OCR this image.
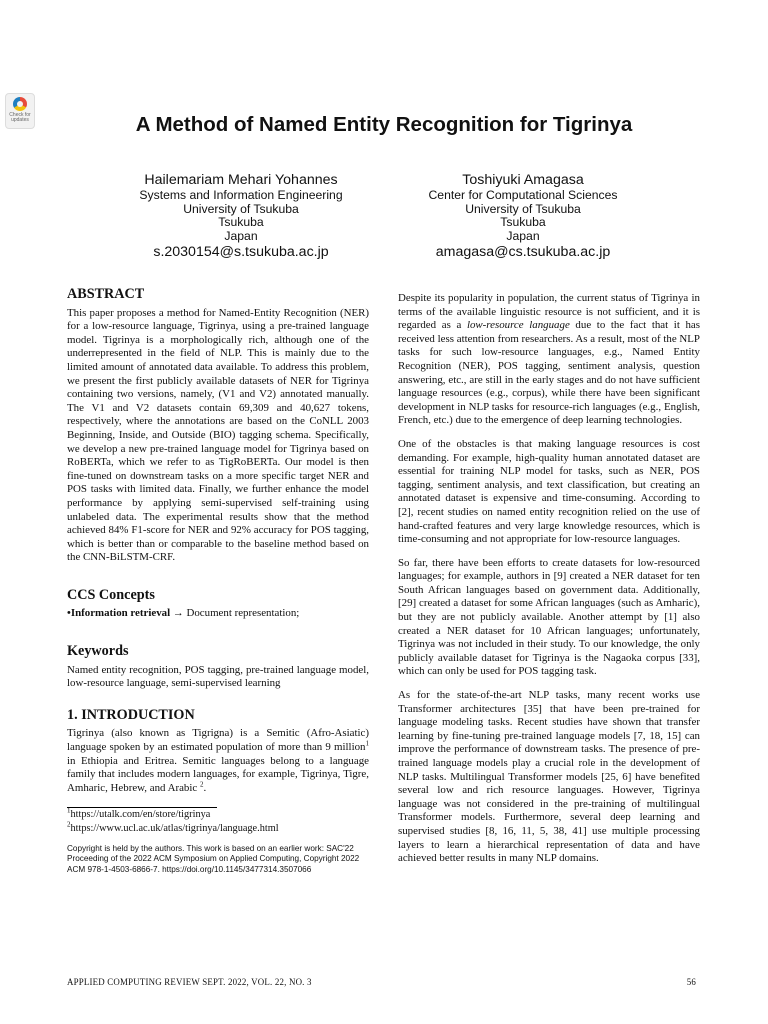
Check for
updates	A Method of Named Entity Recognition for Tigrinya
Hailemariam Mehari Yohannes
Systems and Information Engineering
University of Tsukuba
Tsukuba
Japan
s.2030154@s.tsukuba.ac.jp
Toshiyuki Amagasa
Center for Computational Sciences
University of Tsukuba
Tsukuba
Japan
amagasa@cs.tsukuba.ac.jp
ABSTRACT

This paper proposes a method for Named-Entity Recognition (NER) for a low-resource language, Tigrinya, using a pre-trained language model. Tigrinya is a morphologically rich, although one of the underrepresented in the field of NLP. This is mainly due to the limited amount of annotated data available. To address this problem, we present the first publicly available datasets of NER for Tigrinya containing two versions, namely, (V1 and V2) annotated manually. The V1 and V2 datasets contain 69,309 and 40,627 tokens, respectively, where the annotations are based on the CoNLL 2003 Beginning, Inside, and Outside (BIO) tagging schema. Specifically, we develop a new pre-trained language model for Tigrinya based on RoBERTa, which we refer to as TigRoBERTa. Our model is then fine-tuned on downstream tasks on a more specific target NER and POS tasks with limited data. Finally, we further enhance the model performance by applying semi-supervised self-training using unlabeled data. The experimental results show that the method achieved 84% F1-score for NER and 92% accuracy for POS tagging, which is better than or comparable to the baseline method based on the CNN-BiLSTM-CRF.

CCS Concepts
•Information retrieval → Document representation;
Keywords

Named entity recognition, POS tagging, pre-trained language model, low-resource language, semi-supervised learning

1. INTRODUCTION

Tigrinya (also known as Tigrigna) is a Semitic (Afro-Asiatic) language spoken by an estimated population of more than 9 million$^1$ in Ethiopia and Eritrea. Semitic languages belong to a language family that includes modern languages, for example, Tigrinya, Tigre, Amharic, Hebrew, and Arabic $^2$.

$^1$https://utalk.com/en/store/tigrinya
$^2$https://www.ucl.ac.uk/atlas/tigrinya/language.html
Copyright is held by the authors. This work is based on an earlier work: SAC'22 Proceeding of the 2022 ACM Symposium on Applied Computing, Copyright 2022 ACM 978-1-4503-6866-7. https://doi.org/10.1145/3477314.3507066

Despite its popularity in population, the current status of Tigrinya in terms of the available linguistic resource is not sufficient, and it is regarded as a low-resource language due to the fact that it has received less attention from researchers. As a result, most of the NLP tasks for such low-resource languages, e.g., Named Entity Recognition (NER), POS tagging, sentiment analysis, question answering, etc., are still in the early stages and do not have sufficient language resources (e.g., corpus), while there have been significant development in NLP tasks for resource-rich languages (e.g., English, French, etc.) due to the emergence of deep learning technologies.

One of the obstacles is that making language resources is cost demanding. For example, high-quality human annotated dataset are essential for training NLP model for tasks, such as NER, POS tagging, sentiment analysis, and text classification, but creating an annotated dataset is expensive and time-consuming. According to [2], recent studies on named entity recognition relied on the use of hand-crafted features and very large knowledge resources, which is time-consuming and not appropriate for low-resource languages.

So far, there have been efforts to create datasets for low-resourced languages; for example, authors in [9] created a NER dataset for ten South African languages based on government data. Additionally, [29] created a dataset for some African languages (such as Amharic), but they are not publicly available. Another attempt by [1] also created a NER dataset for 10 African languages; unfortunately, Tigrinya was not included in their study. To our knowledge, the only publicly available dataset for Tigrinya is the Nagaoka corpus [33], which can only be used for POS tagging task.

As for the state-of-the-art NLP tasks, many recent works use Transformer architectures [35] that have been pre-trained for language modeling tasks. Recent studies have shown that transfer learning by fine-tuning pre-trained language models [7, 18, 15] can improve the performance of downstream tasks. The presence of pre-trained language models play a crucial role in the development of NLP tasks. Multilingual Transformer models [25, 6] have benefited several low and rich resource languages. However, Tigrinya language was not considered in the pre-training of multilingual Transformer models. Furthermore, several deep learning and supervised studies [8, 16, 11, 5, 38, 41] use multiple processing layers to learn a hierarchical representation of data and have achieved better results in many NLP domains.

APPLIED COMPUTING REVIEW SEPT. 2022, VOL. 22, NO. 3	56
